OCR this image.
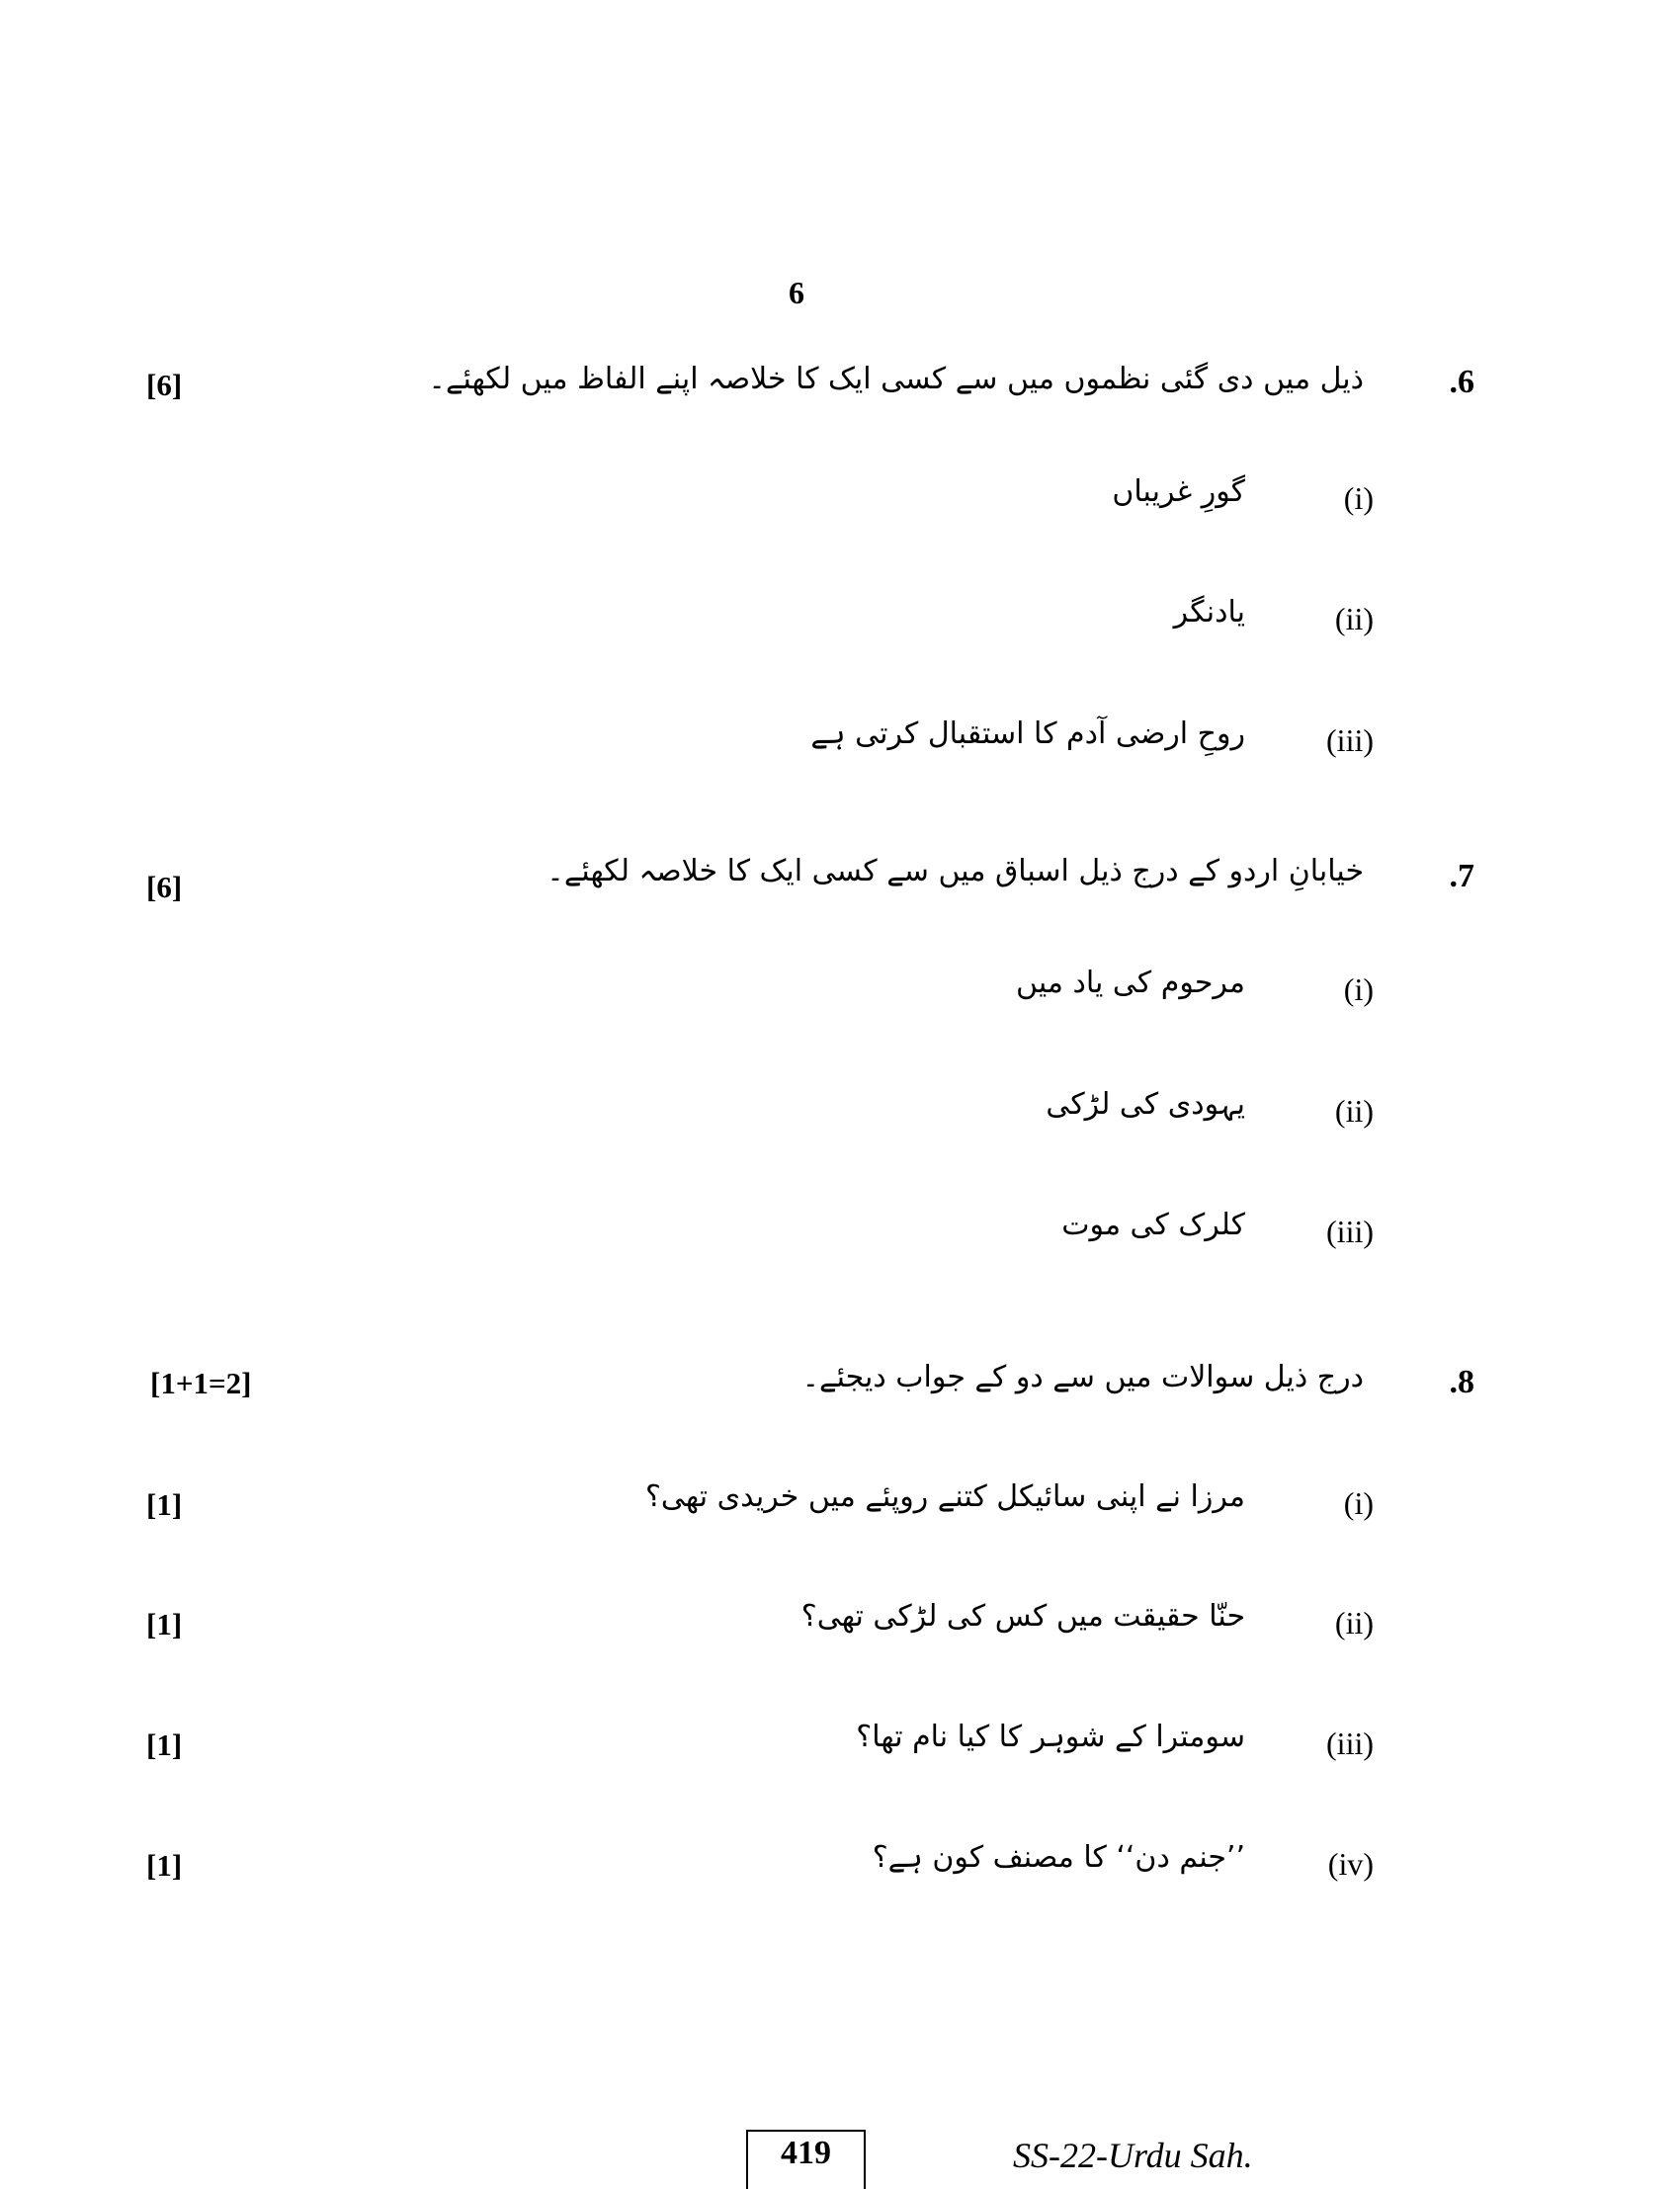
6
.6
ذیل میں دی گئی نظموں میں سے کسی ایک کا خلاصہ اپنے الفاظ میں لکھئے۔
[6]
(i)
گورِ غریباں
(ii)
یادنگر
(iii)
روحِ ارضی آدم کا استقبال کرتی ہے
.7
خیابانِ اردو کے درج ذیل اسباق میں سے کسی ایک کا خلاصہ لکھئے۔
[6]
(i)
مرحوم کی یاد میں
(ii)
یہودی کی لڑکی
(iii)
کلرک کی موت
.8
درج ذیل سوالات میں سے دو کے جواب دیجئے۔
[1+1=2]
(i)
مرزا نے اپنی سائیکل کتنے روپئے میں خریدی تھی؟
[1]
(ii)
حنّا حقیقت میں کس کی لڑکی تھی؟
[1]
(iii)
سومترا کے شوہر کا کیا نام تھا؟
[1]
(iv)
’’جنم دن‘‘ کا مصنف کون ہے؟
[1]
419	SS-22-Urdu Sah.
